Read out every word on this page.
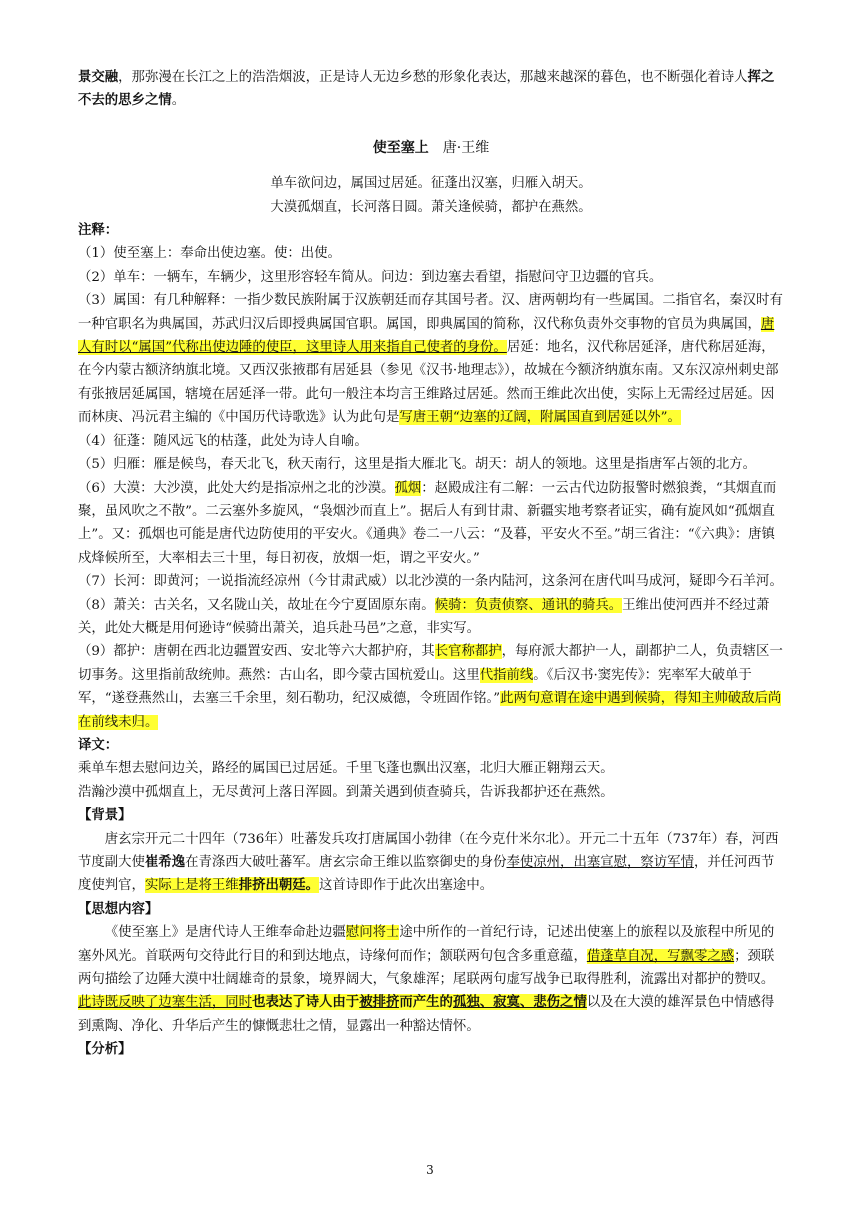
景交融，那弥漫在长江之上的浩浩烟波，正是诗人无边乡愁的形象化表达，那越来越深的暮色，也不断强化着诗人挥之不去的思乡之情。

使至塞上 唐·王维

单车欲问边，属国过居延。征蓬出汉塞，归雁入胡天。

大漠孤烟直，长河落日圆。萧关逢候骑，都护在燕然。

注释：

（1）使至塞上：奉命出使边塞。使：出使。

（2）单车：一辆车，车辆少，这里形容轻车简从。问边：到边塞去看望，指慰问守卫边疆的官兵。

（3）属国：有几种解释：一指少数民族附属于汉族朝廷而存其国号者。汉、唐两朝均有一些属国。二指官名，秦汉时有一种官职名为典属国，苏武归汉后即授典属国官职。属国，即典属国的简称，汉代称负责外交事物的官员为典属国，唐人有时以“属国”代称出使边陲的使臣，这里诗人用来指自己使者的身份。居延：地名，汉代称居延泽，唐代称居延海，在今内蒙古额济纳旗北境。又西汉张掖郡有居延县（参见《汉书·地理志》），故城在今额济纳旗东南。又东汉凉州刺史部有张掖居延属国，辖境在居延泽一带。此句一般注本均言王维路过居延。然而王维此次出使，实际上无需经过居延。因而林庚、冯沅君主编的《中国历代诗歌选》认为此句是写唐王朝“边塞的辽阔，附属国直到居延以外”。

（4）征蓬：随风远飞的枯蓬，此处为诗人自喻。

（5）归雁：雁是候鸟，春天北飞，秋天南行，这里是指大雁北飞。胡天：胡人的领地。这里是指唐军占领的北方。

（6）大漠：大沙漠，此处大约是指凉州之北的沙漠。孤烟：赵殿成注有二解：一云古代边防报警时燃狼粪，“其烟直而聚，虽风吹之不散”。二云塞外多旋风，“袅烟沙而直上”。据后人有到甘肃、新疆实地考察者证实，确有旋风如“孤烟直上”。又：孤烟也可能是唐代边防使用的平安火。《通典》卷二一八云：“及暮，平安火不至。”胡三省注：“《六典》：唐镇戍烽候所至，大率相去三十里，每日初夜，放烟一炬，谓之平安火。”

（7）长河：即黄河；一说指流经凉州（今甘肃武威）以北沙漠的一条内陆河，这条河在唐代叫马成河，疑即今石羊河。

（8）萧关：古关名，又名陇山关，故址在今宁夏固原东南。候骑：负责侦察、通讯的骑兵。王维出使河西并不经过萧关，此处大概是用何逊诗“候骑出萧关，追兵赴马邑”之意，非实写。

（9）都护：唐朝在西北边疆置安西、安北等六大都护府，其长官称都护，每府派大都护一人，副都护二人，负责辖区一切事务。这里指前敌统帅。燕然：古山名，即今蒙古国杭爱山。这里代指前线。《后汉书·窦宪传》：宪率军大破单于军，“遂登燕然山，去塞三千余里，刻石勒功，纪汉威德，令班固作铭。”此两句意谓在途中遇到候骑，得知主帅破敌后尚在前线未归。

译文：

乘单车想去慰问边关，路经的属国已过居延。千里飞蓬也飘出汉塞，北归大雁正翱翔云天。

浩瀚沙漠中孤烟直上，无尽黄河上落日浑圆。到萧关遇到侦查骑兵，告诉我都护还在燕然。

【背景】

唐玄宗开元二十四年（736年）吐蕃发兵攻打唐属国小勃律（在今克什米尔北）。开元二十五年（737年）春，河西节度副大使崔希逸在青涤西大破吐蕃军。唐玄宗命王维以监察御史的身份奉使凉州，出塞宣慰，察访军情，并任河西节度使判官，实际上是将王维排挤出朝廷。这首诗即作于此次出塞途中。

【思想内容】

《使至塞上》是唐代诗人王维奉命赴边疆慰问将士途中所作的一首纪行诗，记述出使塞上的旅程以及旅程中所见的塞外风光。首联两句交待此行目的和到达地点，诗缘何而作；颔联两句包含多重意蕴，借蓬草自况，写飘零之感；颈联两句描绘了边陲大漠中壮阔雄奇的景象，境界阔大，气象雄浑；尾联两句虚写战争已取得胜利，流露出对都护的赞叹。此诗既反映了边塞生活，同时也表达了诗人由于被排挤而产生的孤独、寂寞、悲伤之情以及在大漠的雄浑景色中情感得到熏陶、净化、升华后产生的慷慨悲壮之情，显露出一种豁达情怀。

【分析】

3
